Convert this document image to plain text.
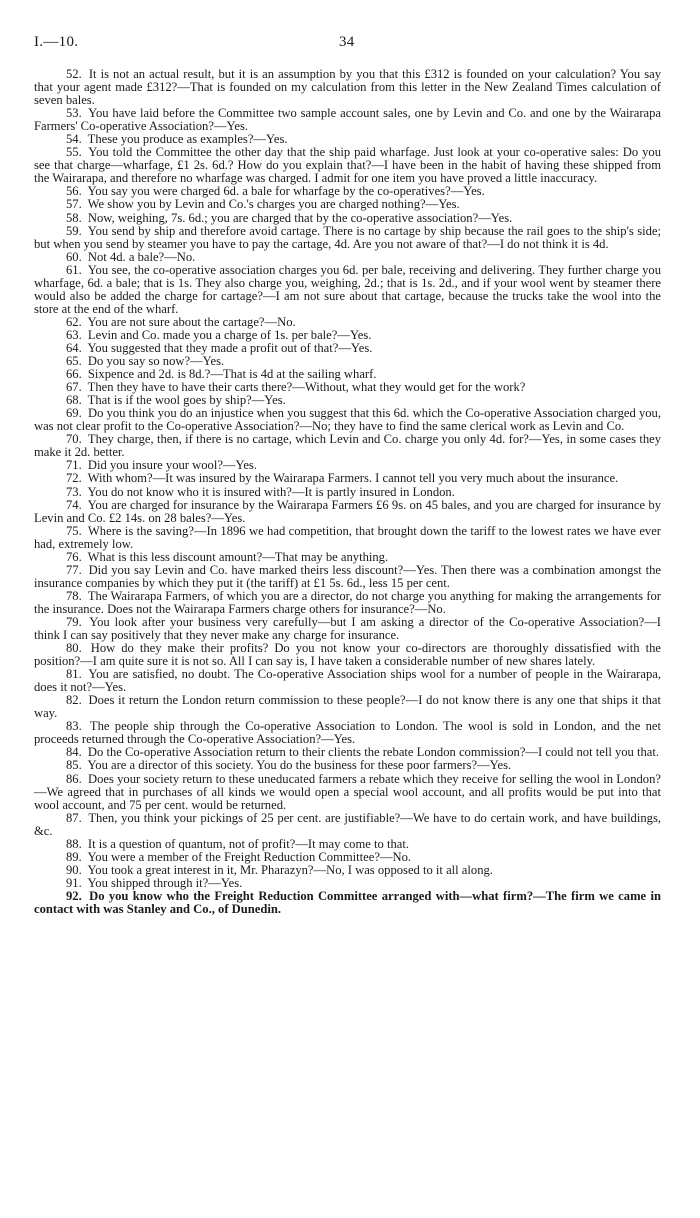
I.—10.	34

52. It is not an actual result, but it is an assumption by you that this £312 is founded on your calculation? You say that your agent made £312?—That is founded on my calculation from this letter in the New Zealand Times calculation of seven bales.

53. You have laid before the Committee two sample account sales, one by Levin and Co. and one by the Wairarapa Farmers' Co-operative Association?—Yes.

54. These you produce as examples?—Yes.

55. You told the Committee the other day that the ship paid wharfage. Just look at your co-operative sales: Do you see that charge—wharfage, £1 2s. 6d.? How do you explain that?—I have been in the habit of having these shipped from the Wairarapa, and therefore no wharfage was charged. I admit for one item you have proved a little inaccuracy.

56. You say you were charged 6d. a bale for wharfage by the co-operatives?—Yes.

57. We show you by Levin and Co.'s charges you are charged nothing?—Yes.

58. Now, weighing, 7s. 6d.; you are charged that by the co-operative association?—Yes.

59. You send by ship and therefore avoid cartage. There is no cartage by ship because the rail goes to the ship's side; but when you send by steamer you have to pay the cartage, 4d. Are you not aware of that?—I do not think it is 4d.

60. Not 4d. a bale?—No.

61. You see, the co-operative association charges you 6d. per bale, receiving and delivering. They further charge you wharfage, 6d. a bale; that is 1s. They also charge you, weighing, 2d.; that is 1s. 2d., and if your wool went by steamer there would also be added the charge for cartage?—I am not sure about that cartage, because the trucks take the wool into the store at the end of the wharf.

62. You are not sure about the cartage?—No.

63. Levin and Co. made you a charge of 1s. per bale?—Yes.

64. You suggested that they made a profit out of that?—Yes.

65. Do you say so now?—Yes.

66. Sixpence and 2d. is 8d.?—That is 4d at the sailing wharf.

67. Then they have to have their carts there?—Without, what they would get for the work?

68. That is if the wool goes by ship?—Yes.

69. Do you think you do an injustice when you suggest that this 6d. which the Co-operative Association charged you, was not clear profit to the Co-operative Association?—No; they have to find the same clerical work as Levin and Co.

70. They charge, then, if there is no cartage, which Levin and Co. charge you only 4d. for?—Yes, in some cases they make it 2d. better.

71. Did you insure your wool?—Yes.

72. With whom?—It was insured by the Wairarapa Farmers. I cannot tell you very much about the insurance.

73. You do not know who it is insured with?—It is partly insured in London.

74. You are charged for insurance by the Wairarapa Farmers £6 9s. on 45 bales, and you are charged for insurance by Levin and Co. £2 14s. on 28 bales?—Yes.

75. Where is the saving?—In 1896 we had competition, that brought down the tariff to the lowest rates we have ever had, extremely low.

76. What is this less discount amount?—That may be anything.

77. Did you say Levin and Co. have marked theirs less discount?—Yes. Then there was a combination amongst the insurance companies by which they put it (the tariff) at £1 5s. 6d., less 15 per cent.

78. The Wairarapa Farmers, of which you are a director, do not charge you anything for making the arrangements for the insurance. Does not the Wairarapa Farmers charge others for insurance?—No.

79. You look after your business very carefully—but I am asking a director of the Co-operative Association?—I think I can say positively that they never make any charge for insurance.

80. How do they make their profits? Do you not know your co-directors are thoroughly dissatisfied with the position?—I am quite sure it is not so. All I can say is, I have taken a considerable number of new shares lately.

81. You are satisfied, no doubt. The Co-operative Association ships wool for a number of people in the Wairarapa, does it not?—Yes.

82. Does it return the London return commission to these people?—I do not know there is any one that ships it that way.

83. The people ship through the Co-operative Association to London. The wool is sold in London, and the net proceeds returned through the Co-operative Association?—Yes.

84. Do the Co-operative Association return to their clients the rebate London commission?—I could not tell you that.

85. You are a director of this society. You do the business for these poor farmers?—Yes.

86. Does your society return to these uneducated farmers a rebate which they receive for selling the wool in London?—We agreed that in purchases of all kinds we would open a special wool account, and all profits would be put into that wool account, and 75 per cent. would be returned.

87. Then, you think your pickings of 25 per cent. are justifiable?—We have to do certain work, and have buildings, &c.

88. It is a question of quantum, not of profit?—It may come to that.

89. You were a member of the Freight Reduction Committee?—No.

90. You took a great interest in it, Mr. Pharazyn?—No, I was opposed to it all along.

91. You shipped through it?—Yes.

92. Do you know who the Freight Reduction Committee arranged with—what firm?—The firm we came in contact with was Stanley and Co., of Dunedin.
